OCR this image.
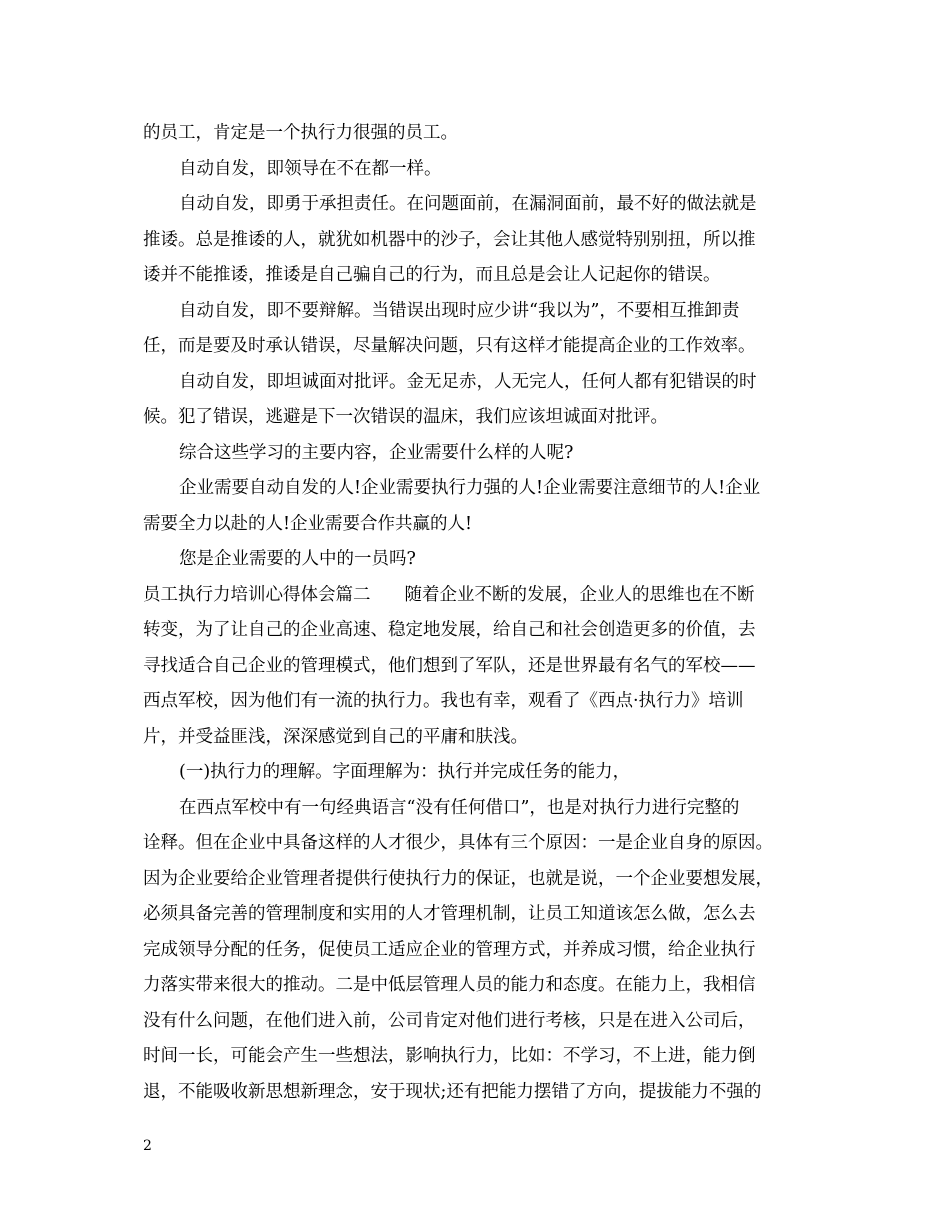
的员工，肯定是一个执行力很强的员工。
自动自发，即领导在不在都一样。
自动自发，即勇于承担责任。在问题面前，在漏洞面前，最不好的做法就是
推诿。总是推诿的人，就犹如机器中的沙子，会让其他人感觉特别别扭，所以推
诿并不能推诿，推诿是自己骗自己的行为，而且总是会让人记起你的错误。
自动自发，即不要辩解。当错误出现时应少讲“我以为”，不要相互推卸责
任，而是要及时承认错误，尽量解决问题，只有这样才能提高企业的工作效率。
自动自发，即坦诚面对批评。金无足赤，人无完人，任何人都有犯错误的时
候。犯了错误，逃避是下一次错误的温床，我们应该坦诚面对批评。
综合这些学习的主要内容，企业需要什么样的人呢?
企业需要自动自发的人!企业需要执行力强的人!企业需要注意细节的人!企业
需要全力以赴的人!企业需要合作共赢的人!
您是企业需要的人中的一员吗?
员工执行力培训心得体会篇二 随着企业不断的发展，企业人的思维也在不断
转变，为了让自己的企业高速、稳定地发展，给自己和社会创造更多的价值，去
寻找适合自己企业的管理模式，他们想到了军队，还是世界最有名气的军校——
西点军校，因为他们有一流的执行力。我也有幸，观看了《西点·执行力》培训
片，并受益匪浅，深深感觉到自己的平庸和肤浅。
(一)执行力的理解。字面理解为：执行并完成任务的能力，
在西点军校中有一句经典语言“没有任何借口”，也是对执行力进行完整的
诠释。但在企业中具备这样的人才很少，具体有三个原因：一是企业自身的原因。
因为企业要给企业管理者提供行使执行力的保证，也就是说，一个企业要想发展，
必须具备完善的管理制度和实用的人才管理机制，让员工知道该怎么做，怎么去
完成领导分配的任务，促使员工适应企业的管理方式，并养成习惯，给企业执行
力落实带来很大的推动。二是中低层管理人员的能力和态度。在能力上，我相信
没有什么问题，在他们进入前，公司肯定对他们进行考核，只是在进入公司后，
时间一长，可能会产生一些想法，影响执行力，比如：不学习，不上进，能力倒
退，不能吸收新思想新理念，安于现状;还有把能力摆错了方向，提拔能力不强的
2
